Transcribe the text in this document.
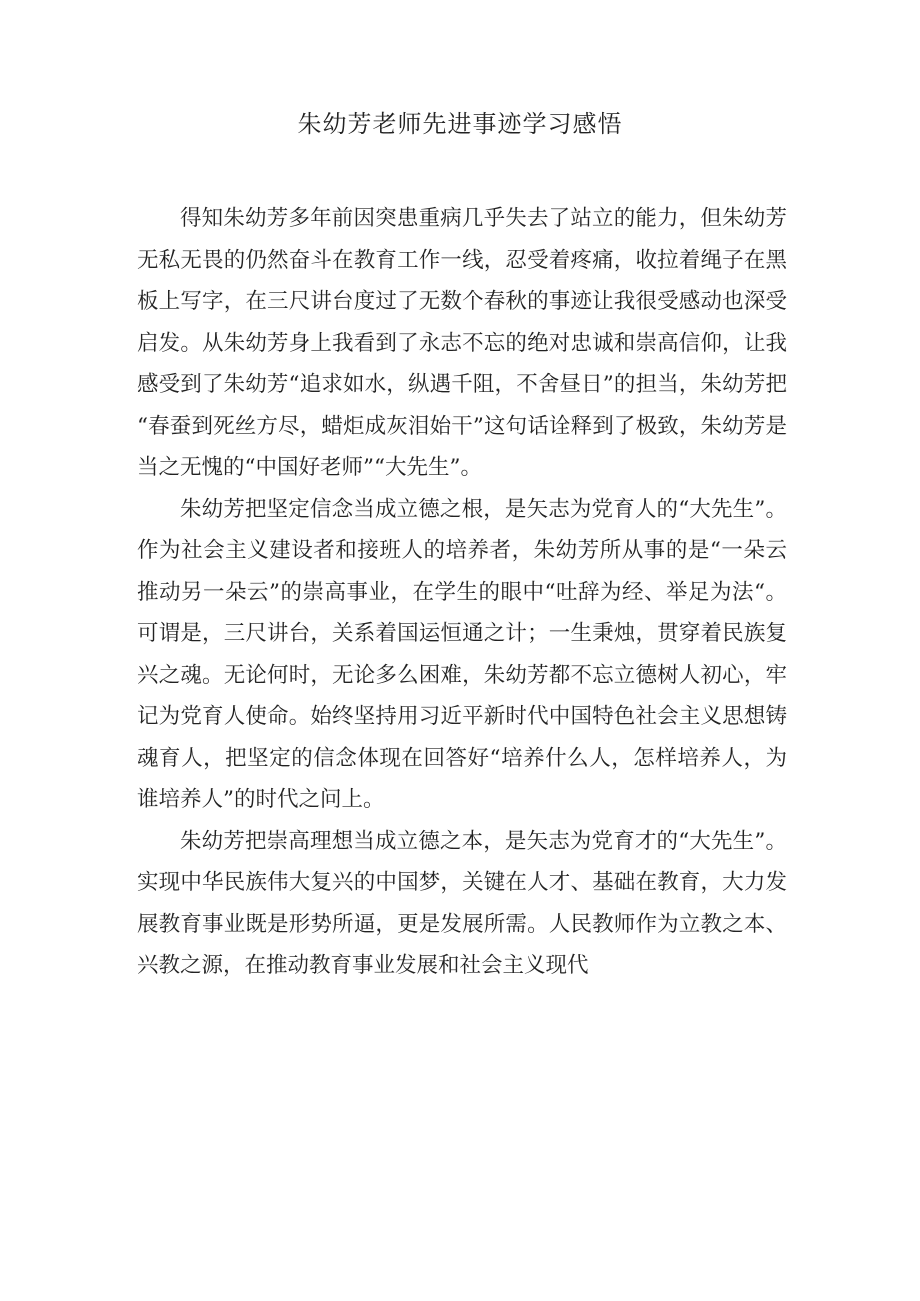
朱幼芳老师先进事迹学习感悟

得知朱幼芳多年前因突患重病几乎失去了站立的能力，但朱幼芳无私无畏的仍然奋斗在教育工作一线，忍受着疼痛，收拉着绳子在黑板上写字，在三尺讲台度过了无数个春秋的事迹让我很受感动也深受启发。从朱幼芳身上我看到了永志不忘的绝对忠诚和崇高信仰，让我感受到了朱幼芳“追求如水，纵遇千阻，不舍昼日”的担当，朱幼芳把“春蚕到死丝方尽，蜡炬成灰泪始干”这句话诠释到了极致，朱幼芳是当之无愧的“中国好老师”“大先生”。

朱幼芳把坚定信念当成立德之根，是矢志为党育人的“大先生”。作为社会主义建设者和接班人的培养者，朱幼芳所从事的是“一朵云推动另一朵云”的崇高事业，在学生的眼中“吐辞为经、举足为法“。可谓是，三尺讲台，关系着国运恒通之计；一生秉烛，贯穿着民族复兴之魂。无论何时，无论多么困难，朱幼芳都不忘立德树人初心，牢记为党育人使命。始终坚持用习近平新时代中国特色社会主义思想铸魂育人，把坚定的信念体现在回答好“培养什么人，怎样培养人，为谁培养人”的时代之问上。

朱幼芳把崇高理想当成立德之本，是矢志为党育才的“大先生”。实现中华民族伟大复兴的中国梦，关键在人才、基础在教育，大力发展教育事业既是形势所逼，更是发展所需。人民教师作为立教之本、兴教之源，在推动教育事业发展和社会主义现代
